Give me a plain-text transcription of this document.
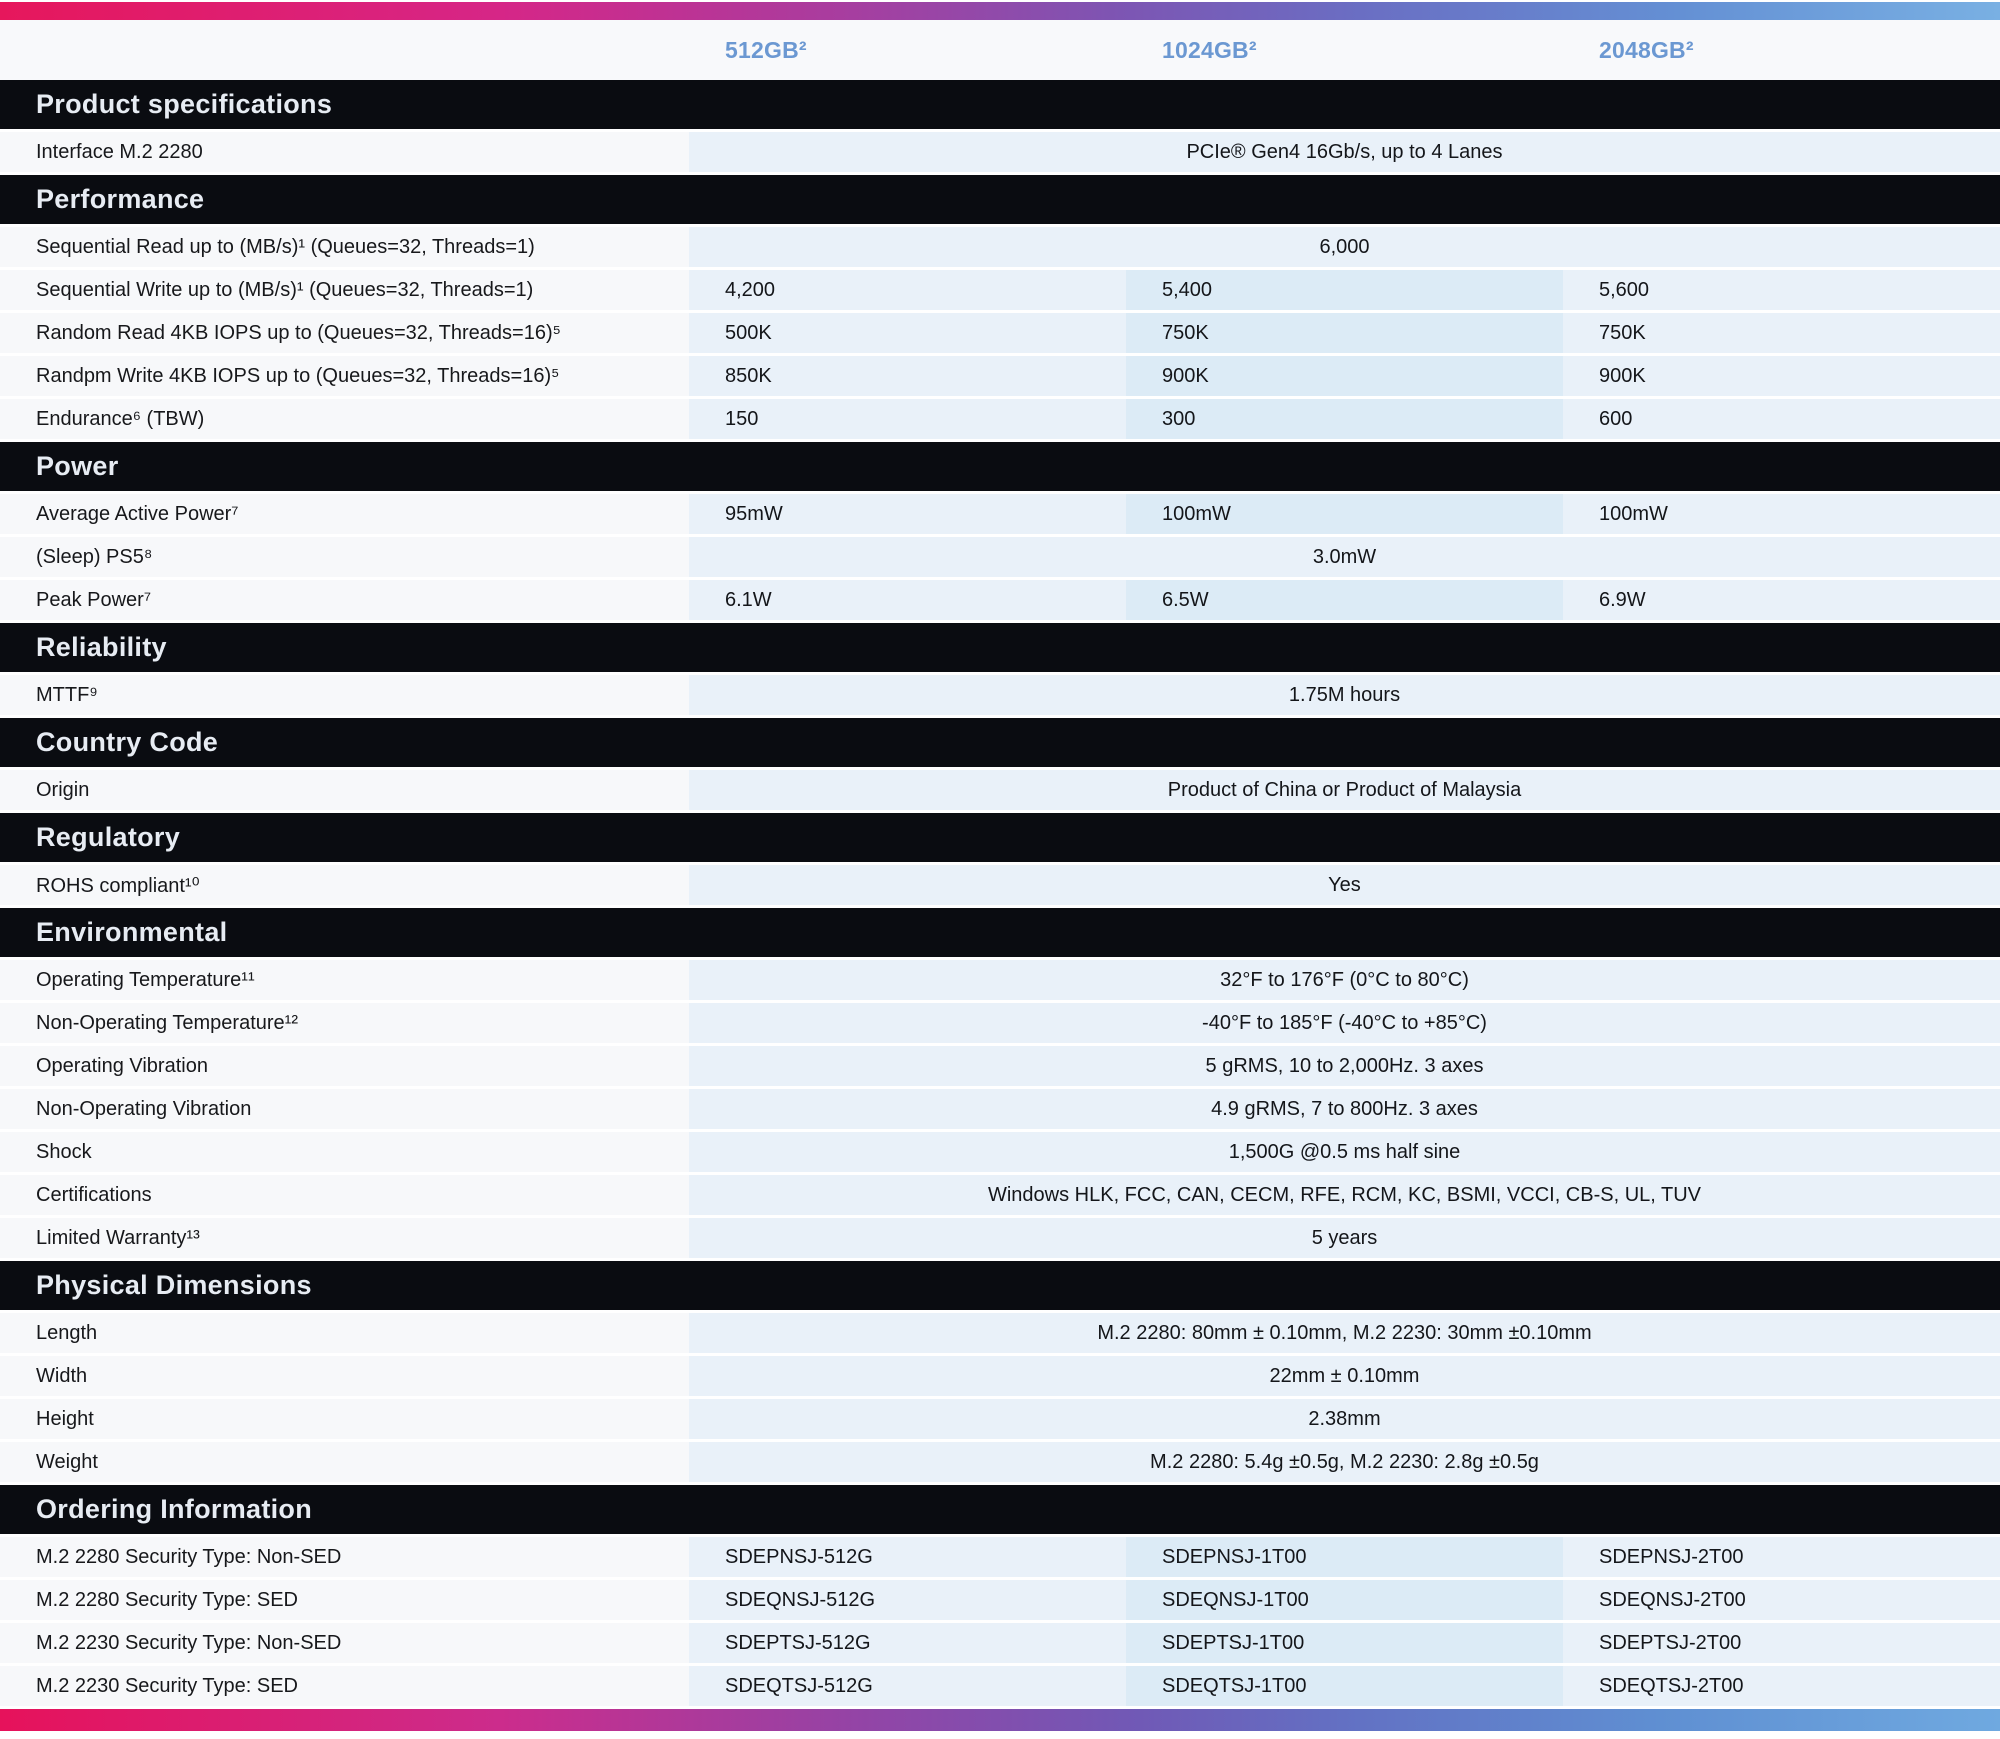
512GB²	1024GB²	2048GB²
Product specifications
Interface M.2 2280	PCIe® Gen4 16Gb/s, up to 4 Lanes
Performance
Sequential Read up to (MB/s)¹ (Queues=32, Threads=1)	6,000
Sequential Write up to (MB/s)¹ (Queues=32, Threads=1)	4,200	5,400	5,600
Random Read 4KB IOPS up to (Queues=32, Threads=16)⁵	500K	750K	750K
Randpm Write 4KB IOPS up to (Queues=32, Threads=16)⁵	850K	900K	900K
Endurance⁶ (TBW)	150	300	600
Power
Average Active Power⁷	95mW	100mW	100mW
(Sleep) PS5⁸	3.0mW
Peak Power⁷	6.1W	6.5W	6.9W
Reliability
MTTF⁹	1.75M hours
Country Code
Origin	Product of China or Product of Malaysia
Regulatory
ROHS compliant¹⁰	Yes
Environmental
Operating Temperature¹¹	32°F to 176°F (0°C to 80°C)
Non-Operating Temperature¹²	-40°F to 185°F (-40°C to +85°C)
Operating Vibration	5 gRMS, 10 to 2,000Hz. 3 axes
Non-Operating Vibration	4.9 gRMS, 7 to 800Hz. 3 axes
Shock	1,500G @0.5 ms half sine
Certifications	Windows HLK, FCC, CAN, CECM, RFE, RCM, KC, BSMI, VCCI, CB-S, UL, TUV
Limited Warranty¹³	5 years
Physical Dimensions
Length	M.2 2280: 80mm ± 0.10mm, M.2 2230: 30mm ±0.10mm
Width	22mm ± 0.10mm
Height	2.38mm
Weight	M.2 2280: 5.4g ±0.5g, M.2 2230: 2.8g ±0.5g
Ordering Information
M.2 2280 Security Type: Non-SED	SDEPNSJ-512G	SDEPNSJ-1T00	SDEPNSJ-2T00
M.2 2280 Security Type: SED	SDEQNSJ-512G	SDEQNSJ-1T00	SDEQNSJ-2T00
M.2 2230 Security Type: Non-SED	SDEPTSJ-512G	SDEPTSJ-1T00	SDEPTSJ-2T00
M.2 2230 Security Type: SED	SDEQTSJ-512G	SDEQTSJ-1T00	SDEQTSJ-2T00
